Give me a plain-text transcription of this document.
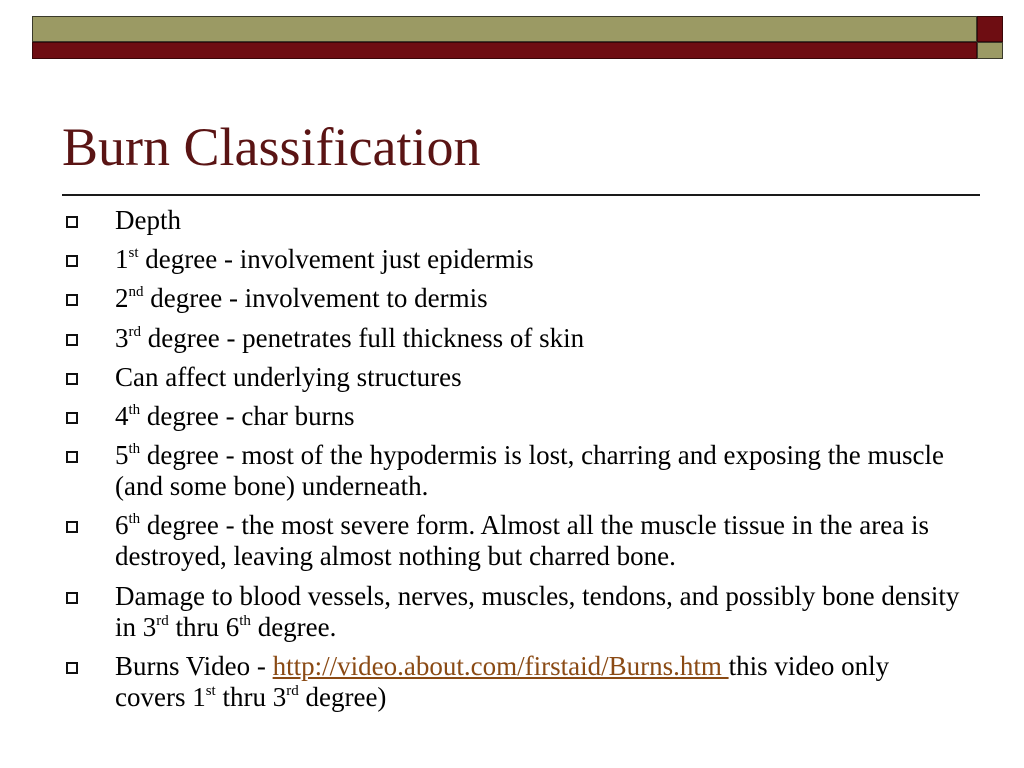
Burn Classification
Depth
1st degree - involvement just epidermis
2nd degree - involvement to dermis
3rd degree - penetrates full thickness of skin
Can affect underlying structures
4th degree - char burns
5th degree - most of the hypodermis is lost, charring and exposing the muscle (and some bone) underneath.
6th degree - the most severe form. Almost all the muscle tissue in the area is destroyed, leaving almost nothing but charred bone.
Damage to blood vessels, nerves, muscles, tendons, and possibly bone density in 3rd thru 6th degree.
Burns Video - http://video.about.com/firstaid/Burns.htm this video only covers 1st thru 3rd degree)
